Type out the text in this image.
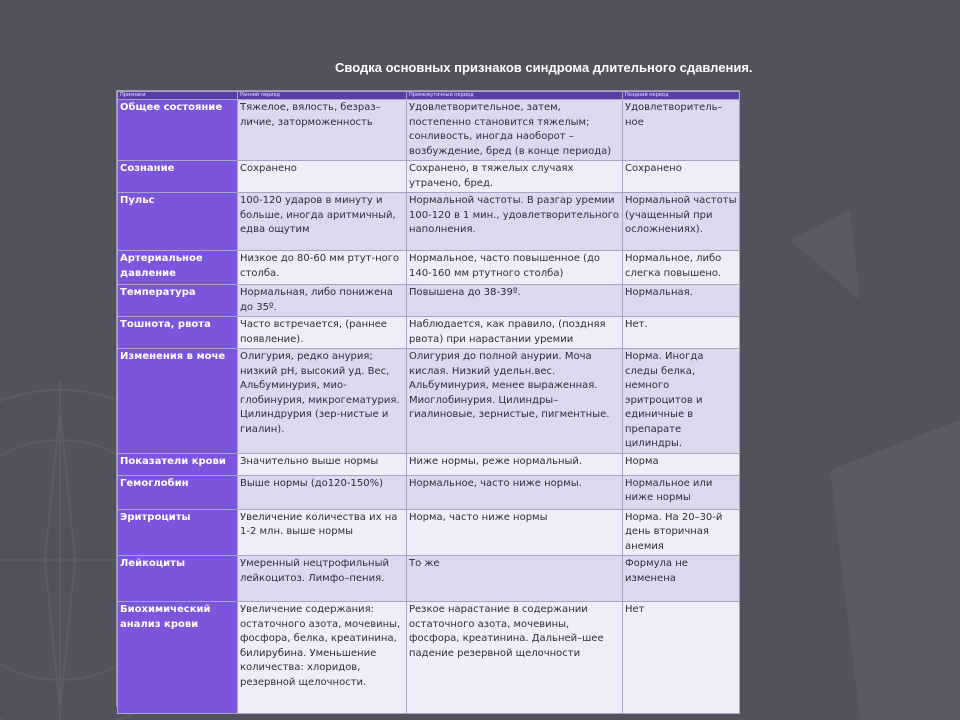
Сводка основных признаков синдрома длительного сдавления.
Признаки	Ранний период	Промежуточный период	Поздний период
Общее состояние	Тяжелое, вялость, безраз–личие, заторможенность	Удовлетворительное, затем, постепенно становится тяжелым; сонливость, иногда наоборот – возбуждение, бред (в конце периода)	Удовлетворитель–ное
Сознание	Сохранено	Сохранено, в тяжелых случаях утрачено, бред.	Сохранено
Пульс	100-120 ударов в минуту и больше, иногда аритмичный, едва ощутим	Нормальной частоты. В разгар уремии 100-120 в 1 мин., удовлетворительного наполнения.	Нормальной частоты (учащенный при осложнениях).
Артериальное давление	Низкое до 80-60 мм ртут-ного столба.	Нормальное, часто повышенное (до 140-160 мм ртутного столба)	Нормальное, либо слегка повышено.
Температура	Нормальная, либо понижена до 35º.	Повышена до 38-39º.	Нормальная.
Тошнота, рвота	Часто встречается, (раннее появление).	Наблюдается, как правило, (поздняя рвота) при нарастании уремии	Нет.
Изменения в моче	Олигурия, редко анурия; низкий pH, высокий уд. Вес, Альбуминурия, мио-глобинурия, микрогематурия. Цилиндрурия (зер-нистые и гиалин).	Олигурия до полной анурии. Моча кислая. Низкий удельн.вес. Альбуминурия, менее выраженная. Миоглобинурия. Цилиндры– гиалиновые, зернистые, пигментные.	Норма. Иногда следы белка, немного эритроцитов и единичные в препарате цилиндры.
Показатели крови	Значительно выше нормы	Ниже нормы, реже нормальный.	Норма
Гемоглобин	Выше нормы (до120-150%)	Нормальное, часто ниже нормы.	Нормальное или ниже нормы
Эритроциты	Увеличение количества их на 1-2 млн. выше нормы	Норма, часто ниже нормы	Норма. На 20–30-й день вторичная анемия
Лейкоциты	Умеренный нецтрофильный лейкоцитоз. Лимфо–пения.	То же	Формула не изменена
Биохимический анализ крови	Увеличение содержания: остаточного азота, мочевины, фосфора, белка, креатинина, билирубина. Уменьшение количества: хлоридов, резервной щелочности.	Резкое нарастание в содержании остаточного азота, мочевины, фосфора, креатинина. Дальней–шее падение резервной щелочности	Нет
